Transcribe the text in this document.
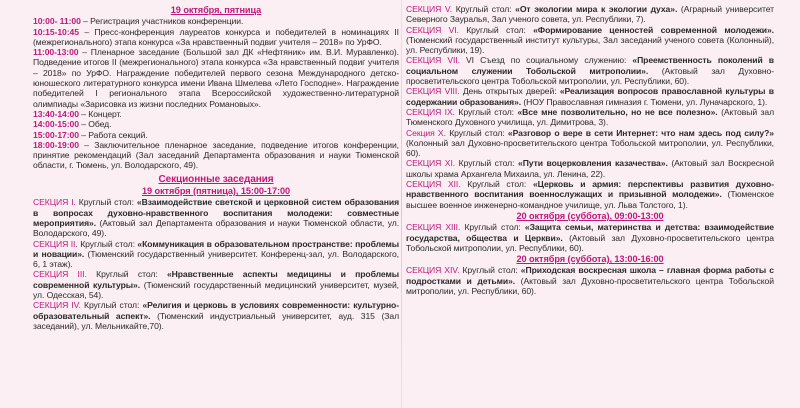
19 октября, пятница

10:00- 11:00 – Регистрация участников конференции.

10:15-10:45 – Пресс-конференция лауреатов конкурса и победителей в номинациях II (межрегионального) этапа конкурса «За нравственный подвиг учителя – 2018» по УрФО.

11:00-13:00 – Пленарное заседание (Большой зал ДК «Нефтяник» им. В.И. Муравленко). Подведение итогов II (межрегионального) этапа конкурса «За нравственный подвиг учителя – 2018» по УрФО. Награждение победителей первого сезона Международного детско-юношеского литературного конкурса имени Ивана Шмелева «Лето Господне». Награждение победителей I регионального этапа Всероссийской художественно-литературной олимпиады «Зарисовка из жизни последних Романовых».

13:40-14:00 – Концерт.

14:00-15:00 – Обед.

15:00-17:00 – Работа секций.

18:00-19:00 – Заключительное пленарное заседание, подведение итогов конференции, принятие рекомендаций (Зал заседаний Департамента образования и науки Тюменской области, г. Тюмень, ул. Володарского, 49).

Секционные заседания
19 октября (пятница), 15:00-17:00

СЕКЦИЯ I. Круглый стол: «Взаимодействие светской и церковной систем образования в вопросах духовно-нравственного воспитания молодежи: совместные мероприятия». (Актовый зал Департамента образования и науки Тюменской области, ул. Володарского, 49).

СЕКЦИЯ II. Круглый стол: «Коммуникация в образовательном пространстве: проблемы и новации». (Тюменский государственный университет. Конференц-зал, ул. Володарского, 6, 1 этаж).

СЕКЦИЯ III. Круглый стол: «Нравственные аспекты медицины и проблемы современной культуры». (Тюменский государственный медицинский университет, музей, ул. Одесская, 54).

СЕКЦИЯ IV. Круглый стол: «Религия и церковь в условиях современности: культурно-образовательный аспект». (Тюменский индустриальный университет, ауд. 315 (Зал заседаний), ул. Мельникайте,70).

СЕКЦИЯ V. Круглый стол: «От экологии мира к экологии духа». (Аграрный университет Северного Зауралья, Зал ученого совета, ул. Республики, 7).

СЕКЦИЯ VI. Круглый стол: «Формирование ценностей современной молодежи». (Тюменский государственный институт культуры, Зал заседаний ученого совета (Колонный), ул. Республики, 19).

СЕКЦИЯ VII. VI Съезд по социальному служению: «Преемственность поколений в социальном служении Тобольской митрополии». (Актовый зал Духовно-просветительского центра Тобольской митрополии, ул. Республики, 60).

СЕКЦИЯ VIII. День открытых дверей: «Реализация вопросов православной культуры в содержании образования». (НОУ Православная гимназия г. Тюмени, ул. Луначарского, 1).

СЕКЦИЯ IX. Круглый стол: «Все мне позволительно, но не все полезно». (Актовый зал Тюменского Духовного училища, ул. Димитрова, 3).

Секция X. Круглый стол: «Разговор о вере в сети Интернет: что нам здесь под силу?» (Колонный зал Духовно-просветительского центра Тобольской митрополии, ул. Республики, 60).

СЕКЦИЯ XI. Круглый стол: «Пути воцерковления казачества». (Актовый зал Воскресной школы храма Архангела Михаила, ул. Ленина, 22).

СЕКЦИЯ XII. Круглый стол: «Церковь и армия: перспективы развития духовно-нравственного воспитания военнослужащих и призывной молодежи». (Тюменское высшее военное инженерно-командное училище, ул. Льва Толстого, 1).

20 октября (суббота), 09:00-13:00

СЕКЦИЯ XIII. Круглый стол: «Защита семьи, материнства и детства: взаимодействие государства, общества и Церкви». (Актовый зал Духовно-просветительского центра Тобольской митрополии, ул. Республики, 60).

20 октября (суббота), 13:00-16:00

СЕКЦИЯ XIV. Круглый стол: «Приходская воскресная школа – главная форма работы с подростками и детьми». (Актовый зал Духовно-просветительского центра Тобольской митрополии, ул. Республики, 60).
